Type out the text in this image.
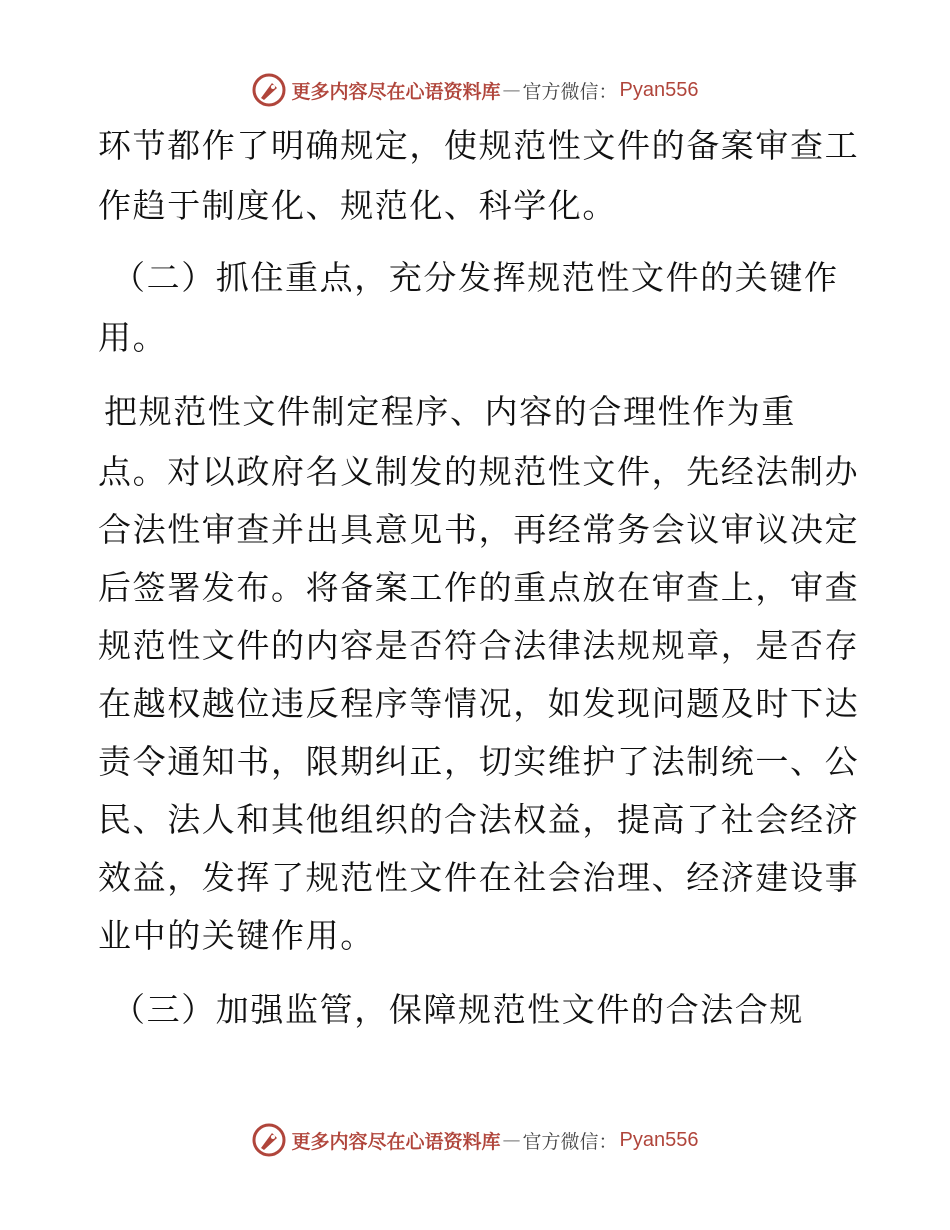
更多内容尽在心语资料库 — 官方微信： Pyan556
环节都作了明确规定，使规范性文件的备案审查工
作趋于制度化、规范化、科学化。
（二）抓住重点，充分发挥规范性文件的关键作
用。
把规范性文件制定程序、内容的合理性作为重
点。对以政府名义制发的规范性文件，先经法制办
合法性审查并出具意见书，再经常务会议审议决定
后签署发布。将备案工作的重点放在审查上，审查
规范性文件的内容是否符合法律法规规章，是否存
在越权越位违反程序等情况，如发现问题及时下达
责令通知书，限期纠正，切实维护了法制统一、公
民、法人和其他组织的合法权益，提高了社会经济
效益，发挥了规范性文件在社会治理、经济建设事
业中的关键作用。
（三）加强监管，保障规范性文件的合法合规
更多内容尽在心语资料库 — 官方微信： Pyan556
